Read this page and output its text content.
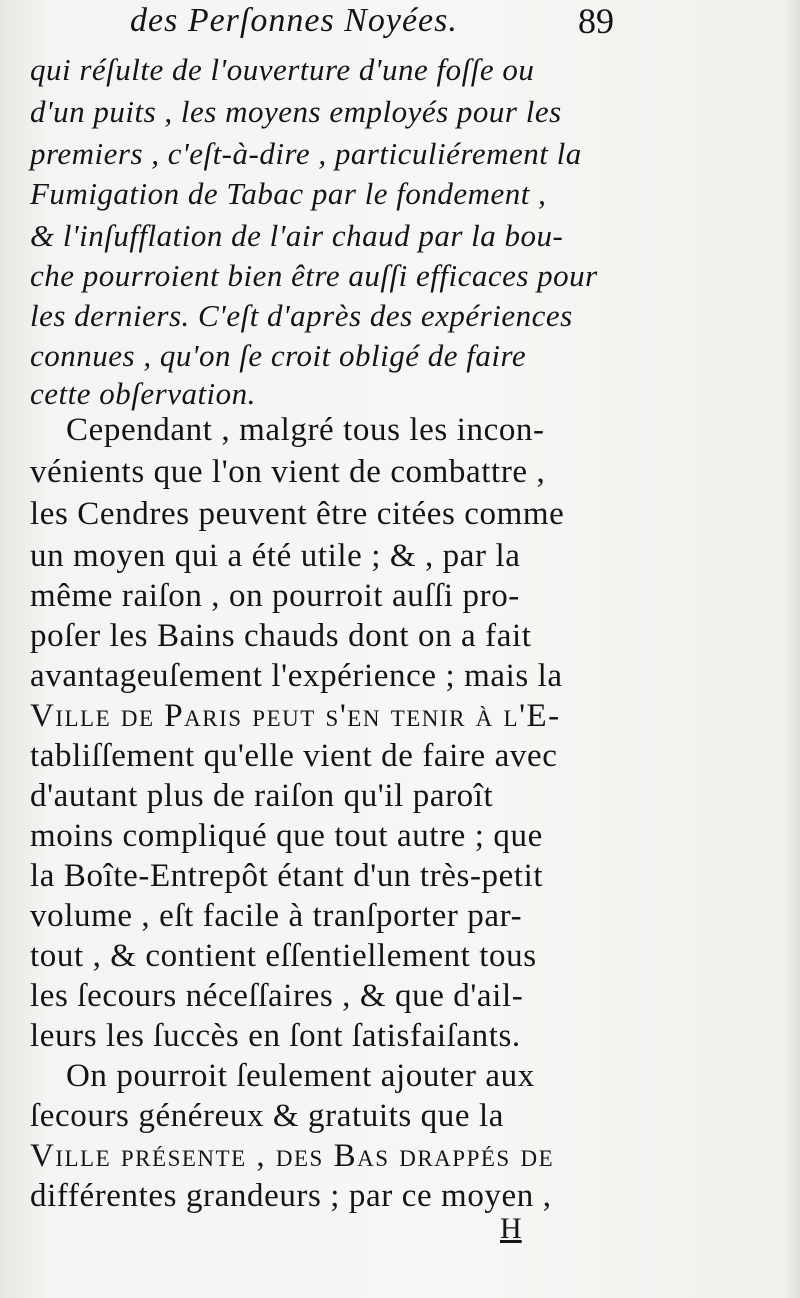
des Perſonnes Noyées.	89
qui réſulte de l'ouverture d'une foſſe ou
d'un puits , les moyens employés pour les
premiers , c'eſt-à-dire , particuliérement la
Fumigation de Tabac par le fondement ,
& l'inſufflation de l'air chaud par la bou-
che pourroient bien être auſſi efficaces pour
les derniers. C'eſt d'après des expériences
connues , qu'on ſe croit obligé de faire
cette obſervation.
Cependant , malgré tous les incon-
vénients que l'on vient de combattre ,
les Cendres peuvent être citées comme
un moyen qui a été utile ; & , par la
même raiſon , on pourroit auſſi pro-
poſer les Bains chauds dont on a fait
avantageuſement l'expérience ; mais la
Ville de Paris peut s'en tenir à l'E-
tabliſſement qu'elle vient de faire avec
d'autant plus de raiſon qu'il paroît
moins compliqué que tout autre ; que
la Boîte-Entrepôt étant d'un très-petit
volume , eſt facile à tranſporter par-
tout , & contient eſſentiellement tous
les ſecours néceſſaires , & que d'ail-
leurs les ſuccès en ſont ſatisfaiſants.
On pourroit ſeulement ajouter aux
ſecours généreux & gratuits que la
Ville préſente , des Bas drappés de
différentes grandeurs ; par ce moyen ,
H
